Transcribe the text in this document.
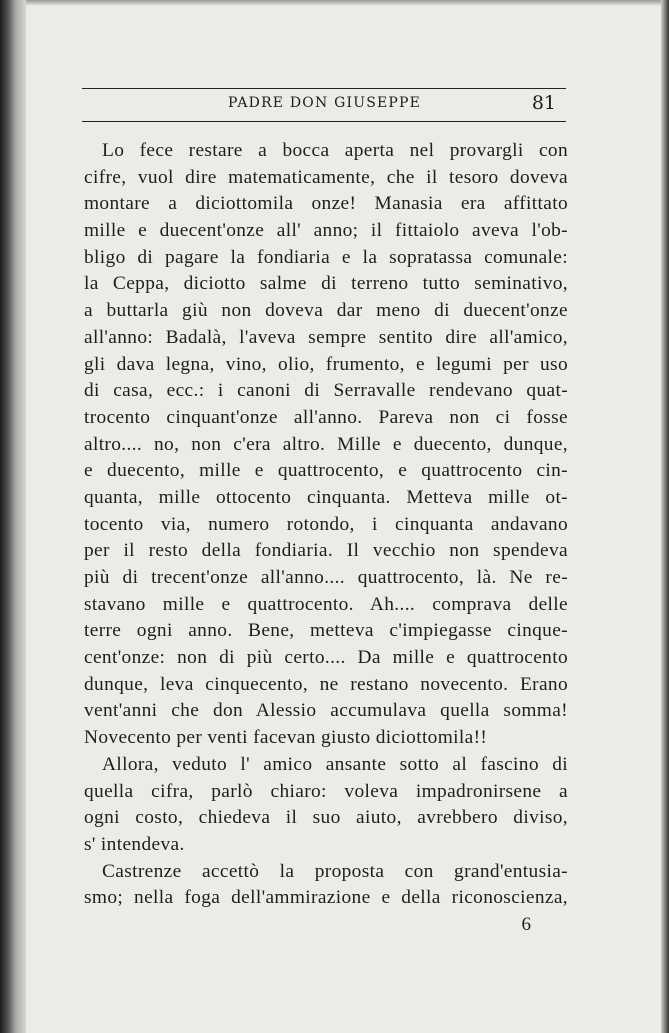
PADRE DON GIUSEPPE	81
Lo fece restare a bocca aperta nel provargli con
cifre, vuol dire matematicamente, che il tesoro doveva
montare a diciottomila onze! Manasia era affittato
mille e duecent'onze all' anno; il fittaiolo aveva l'ob-
bligo di pagare la fondiaria e la sopratassa comunale:
la Ceppa, diciotto salme di terreno tutto seminativo,
a buttarla giù non doveva dar meno di duecent'onze
all'anno: Badalà, l'aveva sempre sentito dire all'amico,
gli dava legna, vino, olio, frumento, e legumi per uso
di casa, ecc.: i canoni di Serravalle rendevano quat-
trocento cinquant'onze all'anno. Pareva non ci fosse
altro.... no, non c'era altro. Mille e duecento, dunque,
e duecento, mille e quattrocento, e quattrocento cin-
quanta, mille ottocento cinquanta. Metteva mille ot-
tocento via, numero rotondo, i cinquanta andavano
per il resto della fondiaria. Il vecchio non spendeva
più di trecent'onze all'anno.... quattrocento, là. Ne re-
stavano mille e quattrocento. Ah.... comprava delle
terre ogni anno. Bene, metteva c'impiegasse cinque-
cent'onze: non di più certo.... Da mille e quattrocento
dunque, leva cinquecento, ne restano novecento. Erano
vent'anni che don Alessio accumulava quella somma!
Novecento per venti facevan giusto diciottomila!!
Allora, veduto l' amico ansante sotto al fascino di
quella cifra, parlò chiaro: voleva impadronirsene a
ogni costo, chiedeva il suo aiuto, avrebbero diviso,
s' intendeva.
Castrenze accettò la proposta con grand'entusia-
smo; nella foga dell'ammirazione e della riconoscienza,
6
